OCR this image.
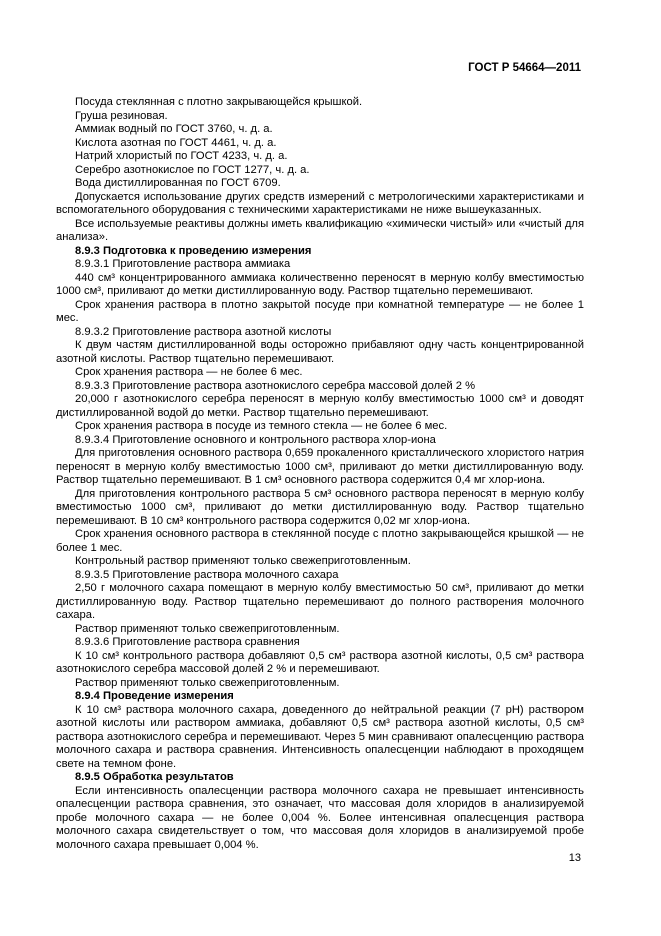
ГОСТ Р 54664—2011

Посуда стеклянная с плотно закрывающейся крышкой.

Груша резиновая.

Аммиак водный по ГОСТ 3760, ч. д. а.

Кислота азотная по ГОСТ 4461, ч. д. а.

Натрий хлористый по ГОСТ 4233, ч. д. а.

Серебро азотнокислое по ГОСТ 1277, ч. д. а.

Вода дистиллированная по ГОСТ 6709.

Допускается использование других средств измерений с метрологическими характеристиками и вспомогательного оборудования с техническими характеристиками не ниже вышеуказанных.

Все используемые реактивы должны иметь квалификацию «химически чистый» или «чистый для анализа».

8.9.3 Подготовка к проведению измерения

8.9.3.1 Приготовление раствора аммиака

440 см³ концентрированного аммиака количественно переносят в мерную колбу вместимостью 1000 см³, приливают до метки дистиллированную воду. Раствор тщательно перемешивают.

Срок хранения раствора в плотно закрытой посуде при комнатной температуре — не более 1 мес.

8.9.3.2 Приготовление раствора азотной кислоты

К двум частям дистиллированной воды осторожно прибавляют одну часть концентрированной азотной кислоты. Раствор тщательно перемешивают.

Срок хранения раствора — не более 6 мес.

8.9.3.3 Приготовление раствора азотнокислого серебра массовой долей 2 %

20,000 г азотнокислого серебра переносят в мерную колбу вместимостью 1000 см³ и доводят дистиллированной водой до метки. Раствор тщательно перемешивают.

Срок хранения раствора в посуде из темного стекла — не более 6 мес.

8.9.3.4 Приготовление основного и контрольного раствора хлор-иона

Для приготовления основного раствора 0,659 прокаленного кристаллического хлористого натрия переносят в мерную колбу вместимостью 1000 см³, приливают до метки дистиллированную воду. Раствор тщательно перемешивают. В 1 см³ основного раствора содержится 0,4 мг хлор-иона.

Для приготовления контрольного раствора 5 см³ основного раствора переносят в мерную колбу вместимостью 1000 см³, приливают до метки дистиллированную воду. Раствор тщательно перемешивают. В 10 см³ контрольного раствора содержится 0,02 мг хлор-иона.

Срок хранения основного раствора в стеклянной посуде с плотно закрывающейся крышкой — не более 1 мес.

Контрольный раствор применяют только свежеприготовленным.

8.9.3.5 Приготовление раствора молочного сахара

2,50 г молочного сахара помещают в мерную колбу вместимостью 50 см³, приливают до метки дистиллированную воду. Раствор тщательно перемешивают до полного растворения молочного сахара.

Раствор применяют только свежеприготовленным.

8.9.3.6 Приготовление раствора сравнения

К 10 см³ контрольного раствора добавляют 0,5 см³ раствора азотной кислоты, 0,5 см³ раствора азотнокислого серебра массовой долей 2 % и перемешивают.

Раствор применяют только свежеприготовленным.

8.9.4 Проведение измерения

К 10 см³ раствора молочного сахара, доведенного до нейтральной реакции (7 pH) раствором азотной кислоты или раствором аммиака, добавляют 0,5 см³ раствора азотной кислоты, 0,5 см³ раствора азотнокислого серебра и перемешивают. Через 5 мин сравнивают опалесценцию раствора молочного сахара и раствора сравнения. Интенсивность опалесценции наблюдают в проходящем свете на темном фоне.

8.9.5 Обработка результатов

Если интенсивность опалесценции раствора молочного сахара не превышает интенсивность опалесценции раствора сравнения, это означает, что массовая доля хлоридов в анализируемой пробе молочного сахара — не более 0,004 %. Более интенсивная опалесценция раствора молочного сахара свидетельствует о том, что массовая доля хлоридов в анализируемой пробе молочного сахара превышает 0,004 %.

13
